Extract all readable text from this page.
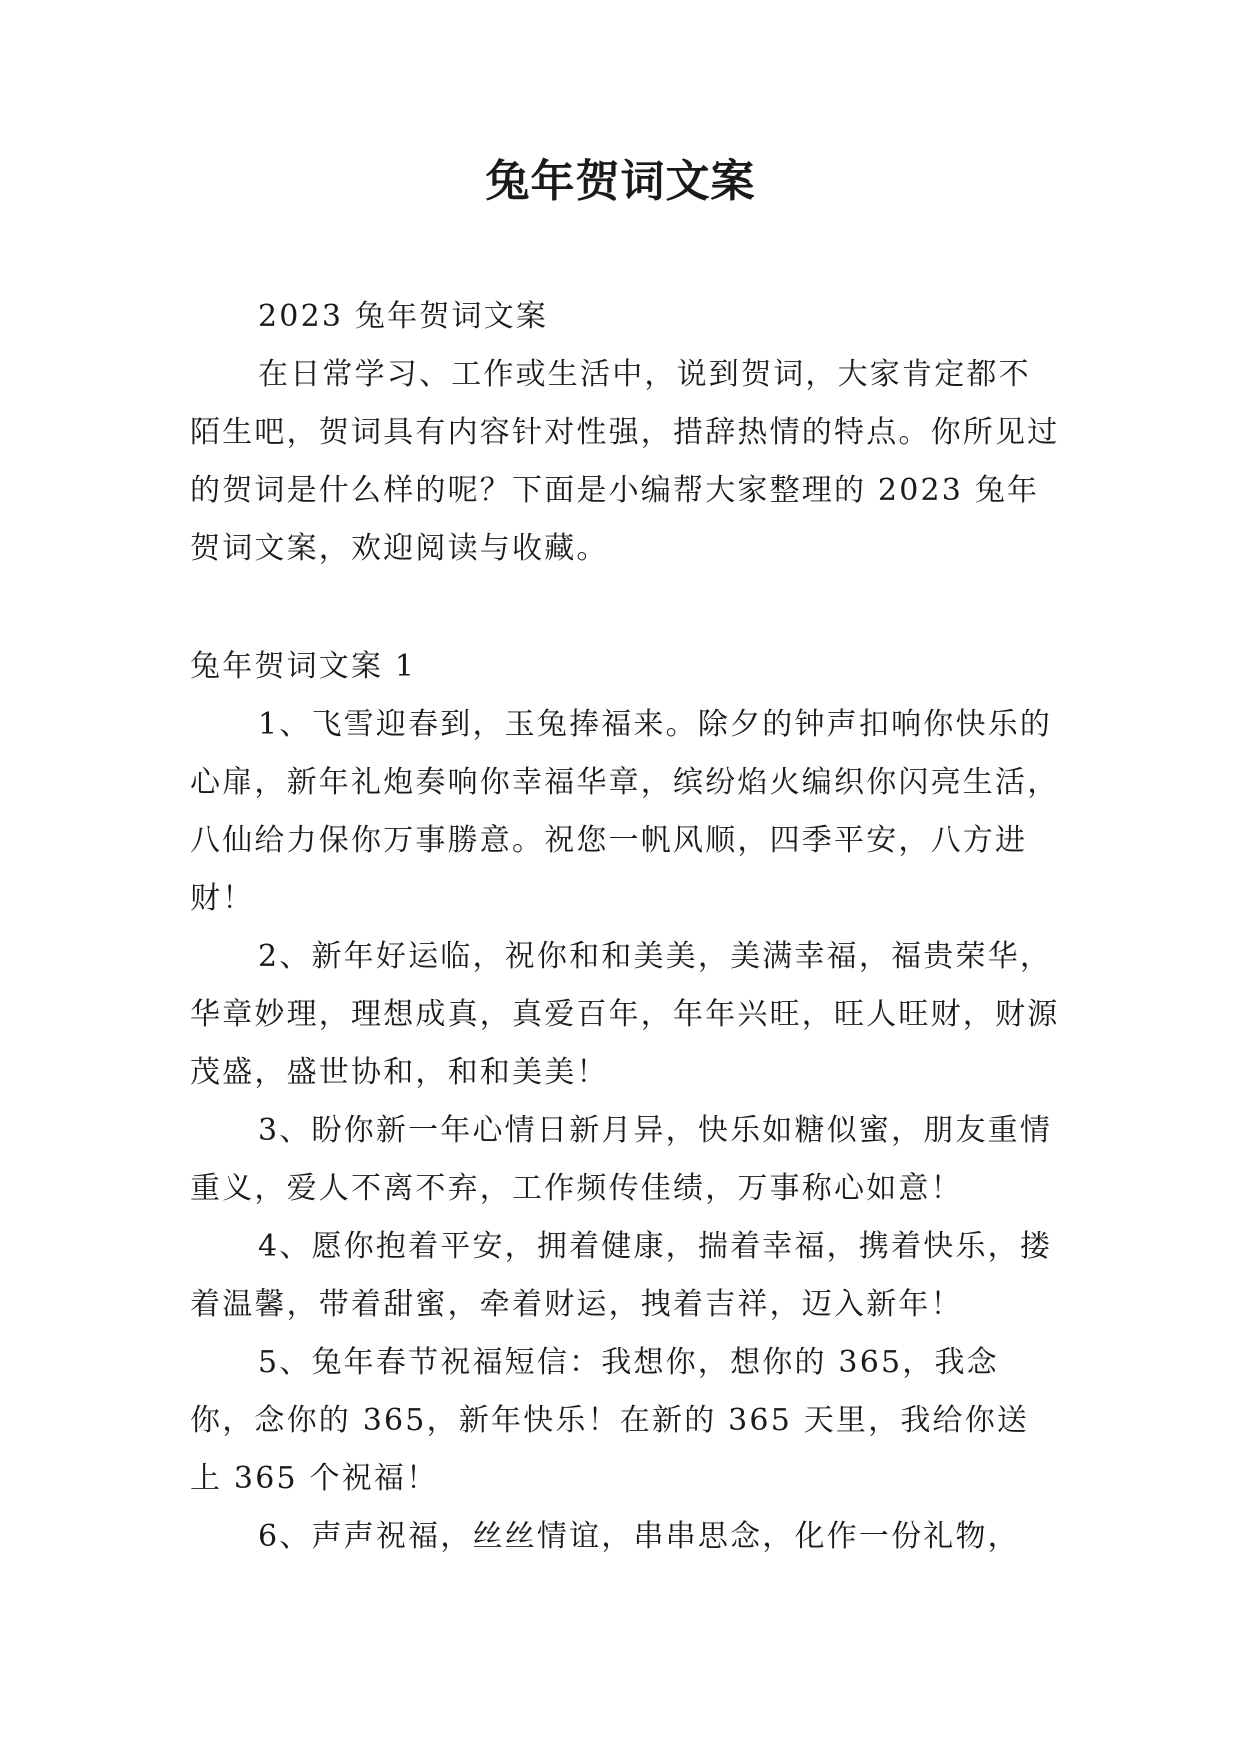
兔年贺词文案

2023 兔年贺词文案

在日常学习、工作或生活中，说到贺词，大家肯定都不陌生吧，贺词具有内容针对性强，措辞热情的特点。你所见过的贺词是什么样的呢？下面是小编帮大家整理的 2023 兔年贺词文案，欢迎阅读与收藏。

兔年贺词文案 1

1、飞雪迎春到，玉兔捧福来。除夕的钟声扣响你快乐的心扉，新年礼炮奏响你幸福华章，缤纷焰火编织你闪亮生活，八仙给力保你万事勝意。祝您一帆风顺，四季平安，八方进财！

2、新年好运临，祝你和和美美，美满幸福，福贵荣华，华章妙理，理想成真，真爱百年，年年兴旺，旺人旺财，财源茂盛，盛世协和，和和美美！

3、盼你新一年心情日新月异，快乐如糖似蜜，朋友重情重义，爱人不离不弃，工作频传佳绩，万事称心如意！

4、愿你抱着平安，拥着健康，揣着幸福，携着快乐，搂着温馨，带着甜蜜，牵着财运，拽着吉祥，迈入新年！

5、兔年春节祝福短信：我想你，想你的 365，我念你，念你的 365，新年快乐！在新的 365 天里，我给你送上 365 个祝福！

6、声声祝福，丝丝情谊，串串思念，化作一份礼物，
